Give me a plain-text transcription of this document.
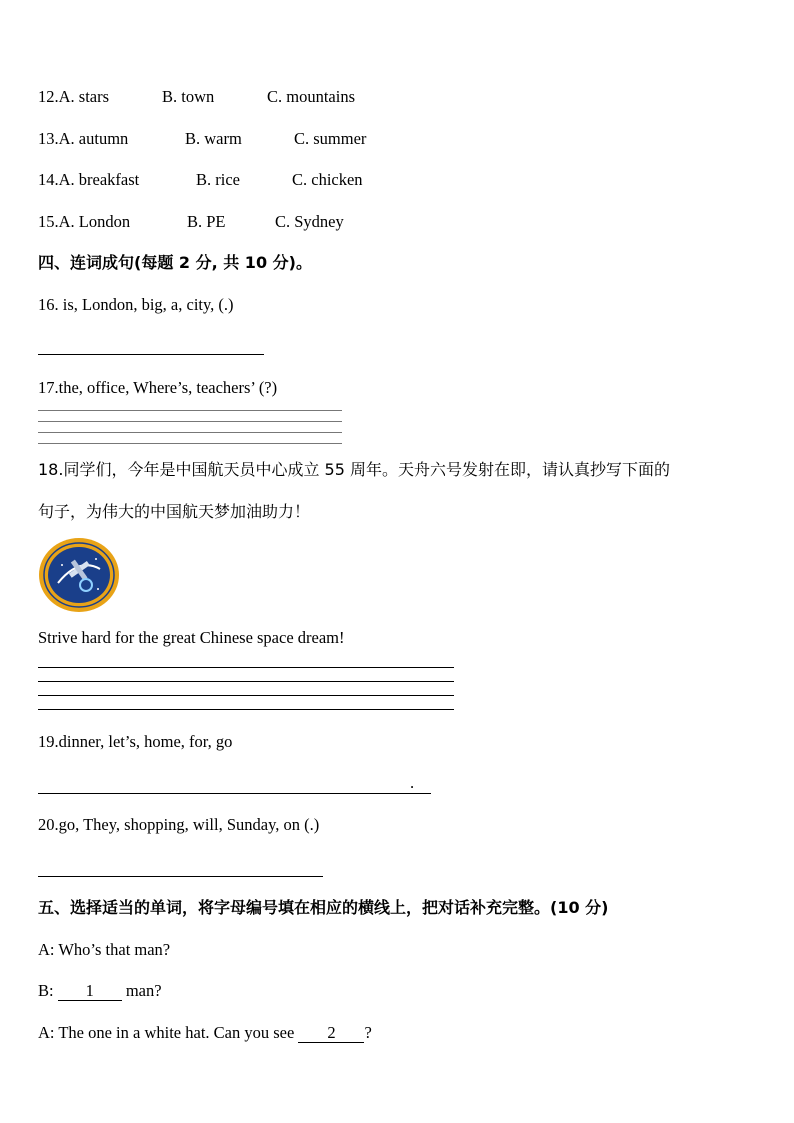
12.A. stars	B. town	C. mountains
13.A. autumn	B. warm	C. summer
14.A. breakfast	B. rice	C. chicken
15.A. London	B. PE	C. Sydney
四、连词成句(每题 2 分, 共 10 分)。
16. is, London, big, a, city, (.)
17.the, office, Where’s, teachers’ (?)
18.同学们，今年是中国航天员中心成立 55 周年。天舟六号发射在即，请认真抄写下面的
句子，为伟大的中国航天梦加油助力！
Strive hard for the great Chinese space dream!
19.dinner, let’s, home, for, go
.
20.go, They, shopping, will, Sunday, on (.)
五、选择适当的单词，将字母编号填在相应的横线上，把对话补充完整。(10 分)
A: Who’s that man?
B: 1 man?
A: The one in a white hat. Can you see 2 ?
